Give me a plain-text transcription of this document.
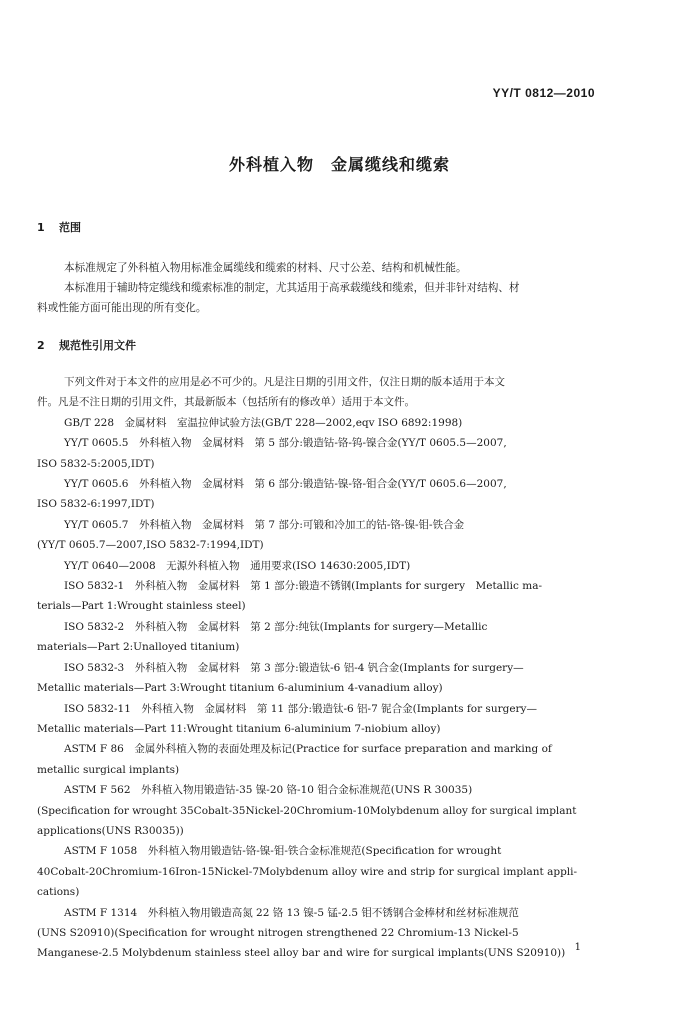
YY/T 0812—2010
外科植入物　金属缆线和缆索
1 范围
本标准规定了外科植入物用标准金属缆线和缆索的材料、尺寸公差、结构和机械性能。
本标准用于辅助特定缆线和缆索标准的制定，尤其适用于高承载缆线和缆索，但并非针对结构、材
料或性能方面可能出现的所有变化。
2 规范性引用文件
下列文件对于本文件的应用是必不可少的。凡是注日期的引用文件，仅注日期的版本适用于本文
件。凡是不注日期的引用文件，其最新版本（包括所有的修改单）适用于本文件。
GB/T 228　金属材料　室温拉伸试验方法(GB/T 228—2002,eqv ISO 6892:1998)
YY/T 0605.5　外科植入物　金属材料　第 5 部分:锻造钴-铬-钨-镍合金(YY/T 0605.5—2007,
ISO 5832-5:2005,IDT)
YY/T 0605.6　外科植入物　金属材料　第 6 部分:锻造钴-镍-铬-钼合金(YY/T 0605.6—2007,
ISO 5832-6:1997,IDT)
YY/T 0605.7　外科植入物　金属材料　第 7 部分:可锻和冷加工的钴-铬-镍-钼-铁合金
(YY/T 0605.7—2007,ISO 5832-7:1994,IDT)
YY/T 0640—2008　无源外科植入物　通用要求(ISO 14630:2005,IDT)
ISO 5832-1　外科植入物　金属材料　第 1 部分:锻造不锈钢(Implants for surgery　Metallic ma-
terials—Part 1:Wrought stainless steel)
ISO 5832-2　外科植入物　金属材料　第 2 部分:纯钛(Implants for surgery—Metallic
materials—Part 2:Unalloyed titanium)
ISO 5832-3　外科植入物　金属材料　第 3 部分:锻造钛-6 铝-4 钒合金(Implants for surgery—
Metallic materials—Part 3:Wrought titanium 6-aluminium 4-vanadium alloy)
ISO 5832-11　外科植入物　金属材料　第 11 部分:锻造钛-6 铝-7 铌合金(Implants for surgery—
Metallic materials—Part 11:Wrought titanium 6-aluminium 7-niobium alloy)
ASTM F 86　金属外科植入物的表面处理及标记(Practice for surface preparation and marking of
metallic surgical implants)
ASTM F 562　外科植入物用锻造钴-35 镍-20 铬-10 钼合金标准规范(UNS R 30035)
(Specification for wrought 35Cobalt-35Nickel-20Chromium-10Molybdenum alloy for surgical implant
applications(UNS R30035))
ASTM F 1058　外科植入物用锻造钴-铬-镍-钼-铁合金标准规范(Specification for wrought
40Cobalt-20Chromium-16Iron-15Nickel-7Molybdenum alloy wire and strip for surgical implant appli-
cations)
ASTM F 1314　外科植入物用锻造高氮 22 铬 13 镍-5 锰-2.5 钼不锈钢合金棒材和丝材标准规范
(UNS S20910)(Specification for wrought nitrogen strengthened 22 Chromium-13 Nickel-5
Manganese-2.5 Molybdenum stainless steel alloy bar and wire for surgical implants(UNS S20910)) 1
